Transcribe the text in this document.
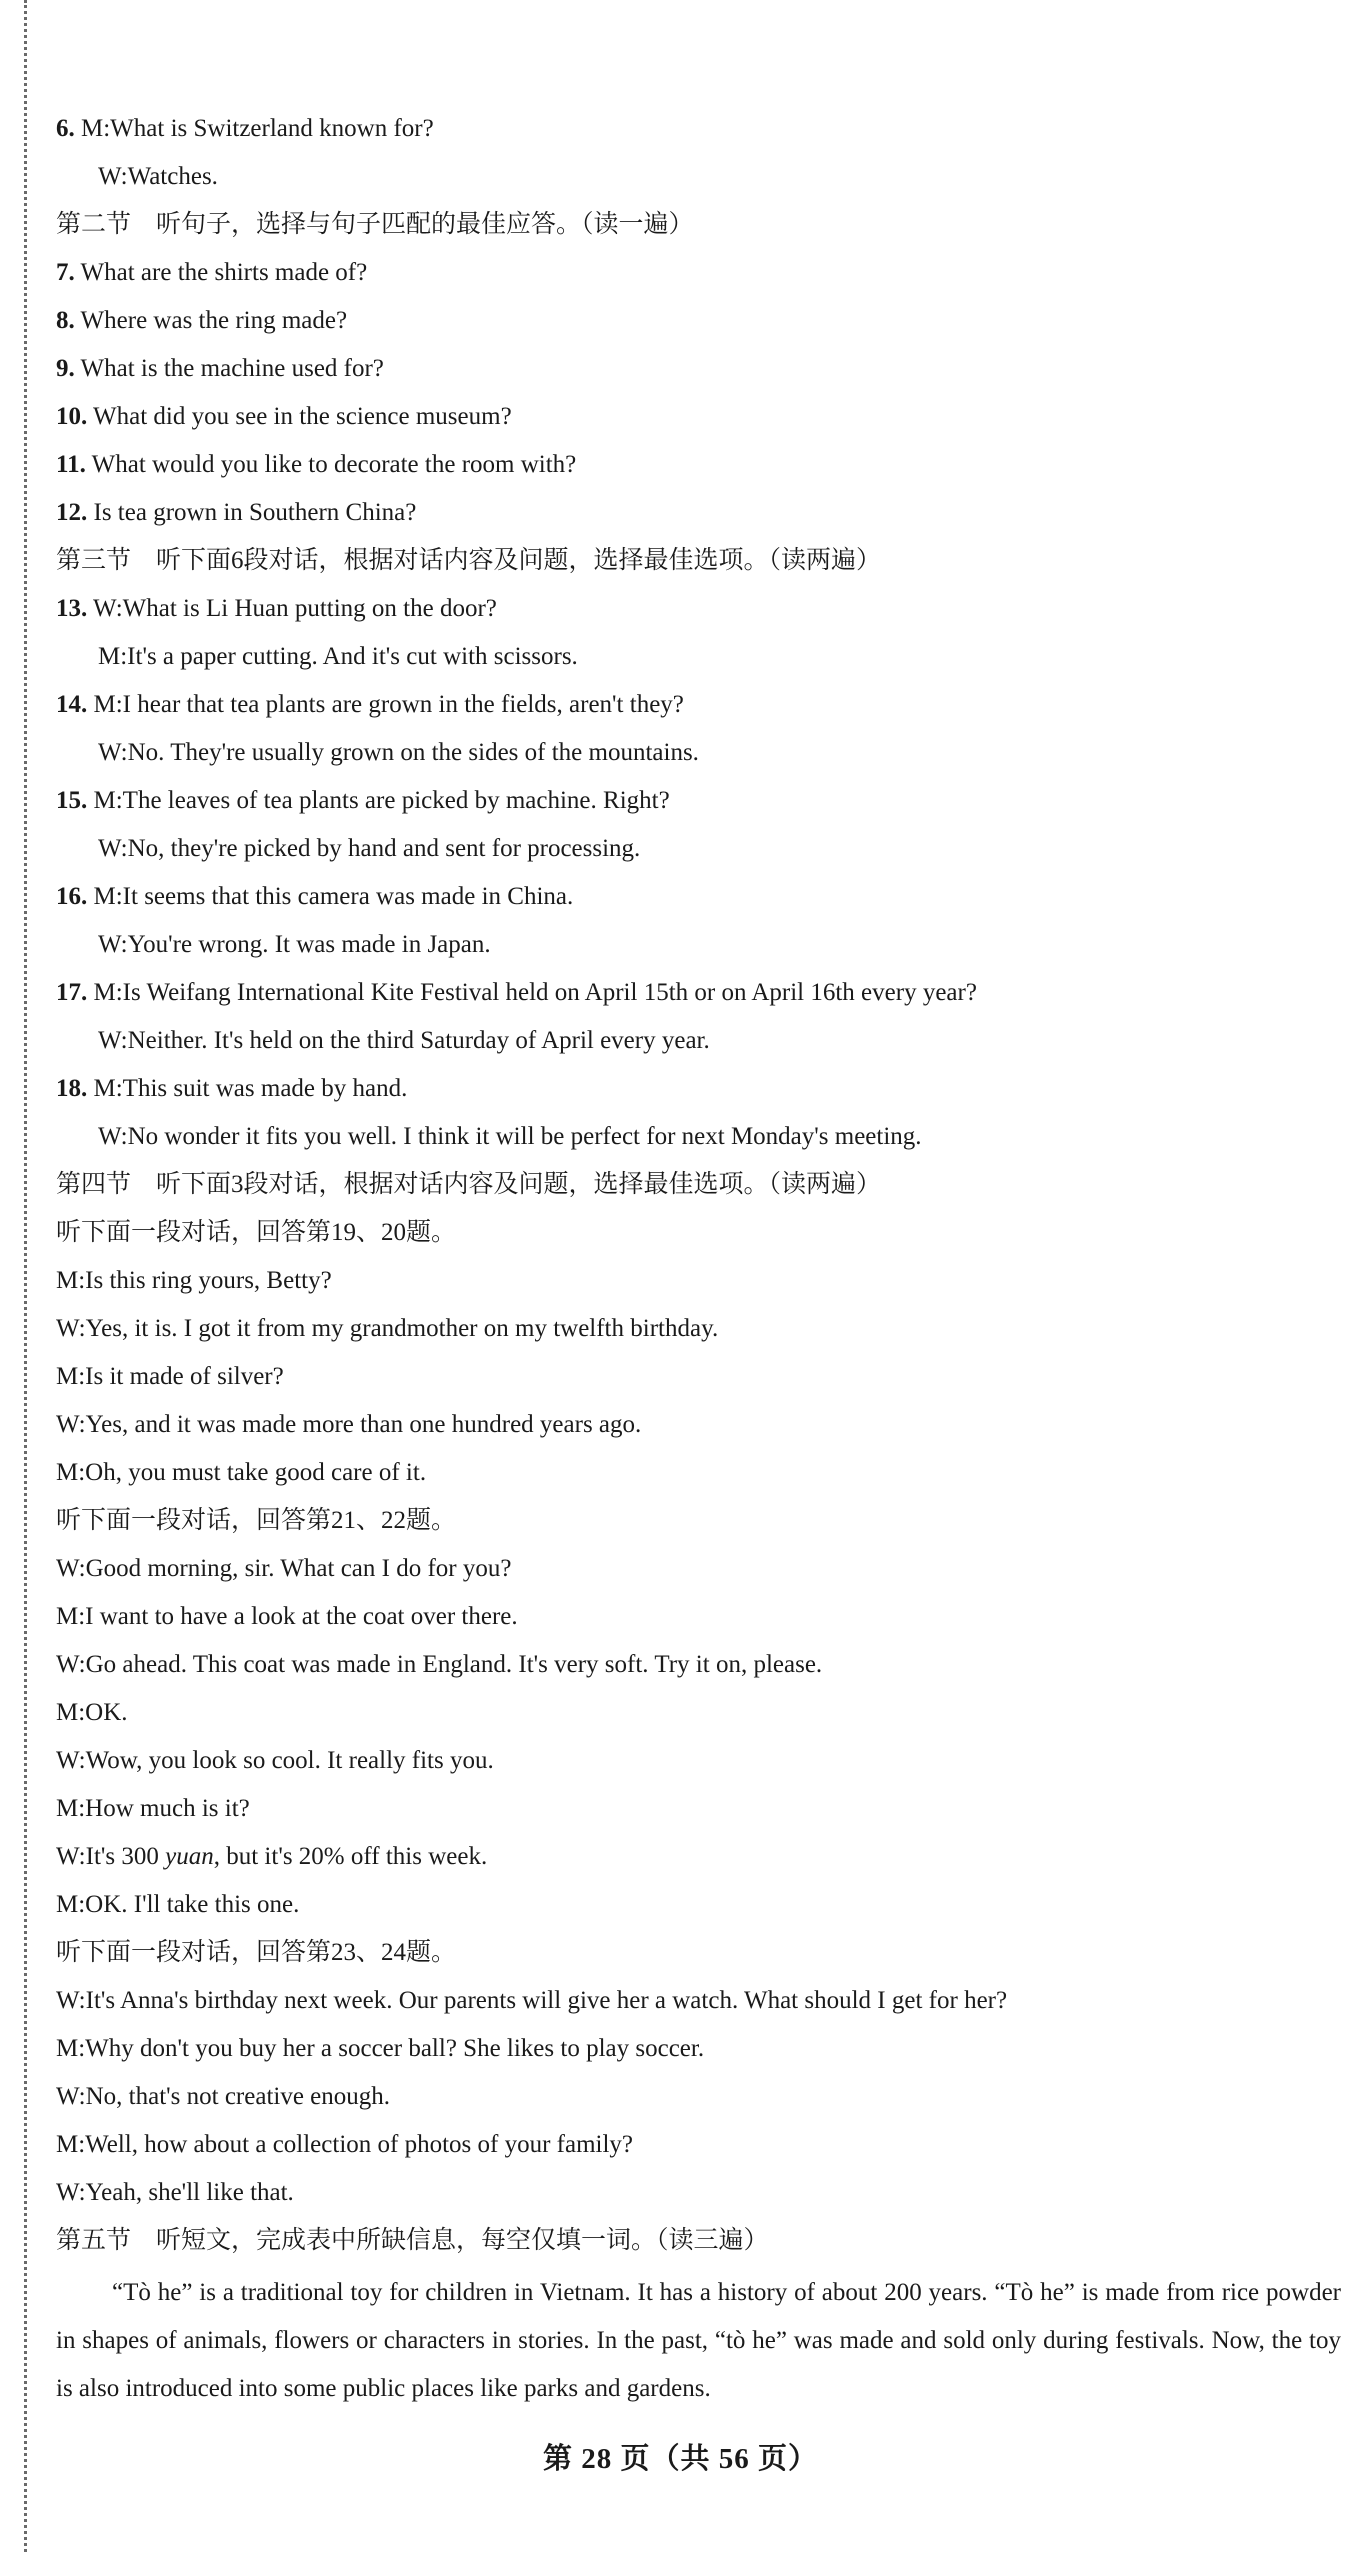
6. M:What is Switzerland known for?
W:Watches.
第二节　听句子，选择与句子匹配的最佳应答。（读一遍）
7. What are the shirts made of?
8. Where was the ring made?
9. What is the machine used for?
10. What did you see in the science museum?
11. What would you like to decorate the room with?
12. Is tea grown in Southern China?
第三节　听下面6段对话，根据对话内容及问题，选择最佳选项。（读两遍）
13. W:What is Li Huan putting on the door?
M:It's a paper cutting. And it's cut with scissors.
14. M:I hear that tea plants are grown in the fields, aren't they?
W:No. They're usually grown on the sides of the mountains.
15. M:The leaves of tea plants are picked by machine. Right?
W:No, they're picked by hand and sent for processing.
16. M:It seems that this camera was made in China.
W:You're wrong. It was made in Japan.
17. M:Is Weifang International Kite Festival held on April 15th or on April 16th every year?
W:Neither. It's held on the third Saturday of April every year.
18. M:This suit was made by hand.
W:No wonder it fits you well. I think it will be perfect for next Monday's meeting.
第四节　听下面3段对话，根据对话内容及问题，选择最佳选项。（读两遍）
听下面一段对话，回答第19、20题。
M:Is this ring yours, Betty?
W:Yes, it is. I got it from my grandmother on my twelfth birthday.
M:Is it made of silver?
W:Yes, and it was made more than one hundred years ago.
M:Oh, you must take good care of it.
听下面一段对话，回答第21、22题。
W:Good morning, sir. What can I do for you?
M:I want to have a look at the coat over there.
W:Go ahead. This coat was made in England. It's very soft. Try it on, please.
M:OK.
W:Wow, you look so cool. It really fits you.
M:How much is it?
W:It's 300 yuan, but it's 20% off this week.
M:OK. I'll take this one.
听下面一段对话，回答第23、24题。
W:It's Anna's birthday next week. Our parents will give her a watch. What should I get for her?
M:Why don't you buy her a soccer ball? She likes to play soccer.
W:No, that's not creative enough.
M:Well, how about a collection of photos of your family?
W:Yeah, she'll like that.
第五节　听短文，完成表中所缺信息，每空仅填一词。（读三遍）
“Tò he” is a traditional toy for children in Vietnam. It has a history of about 200 years. “Tò he” is made from rice powder in shapes of animals, flowers or characters in stories. In the past, “tò he” was made and sold only during festivals. Now, the toy is also introduced into some public places like parks and gardens.
第 28 页（共 56 页）
